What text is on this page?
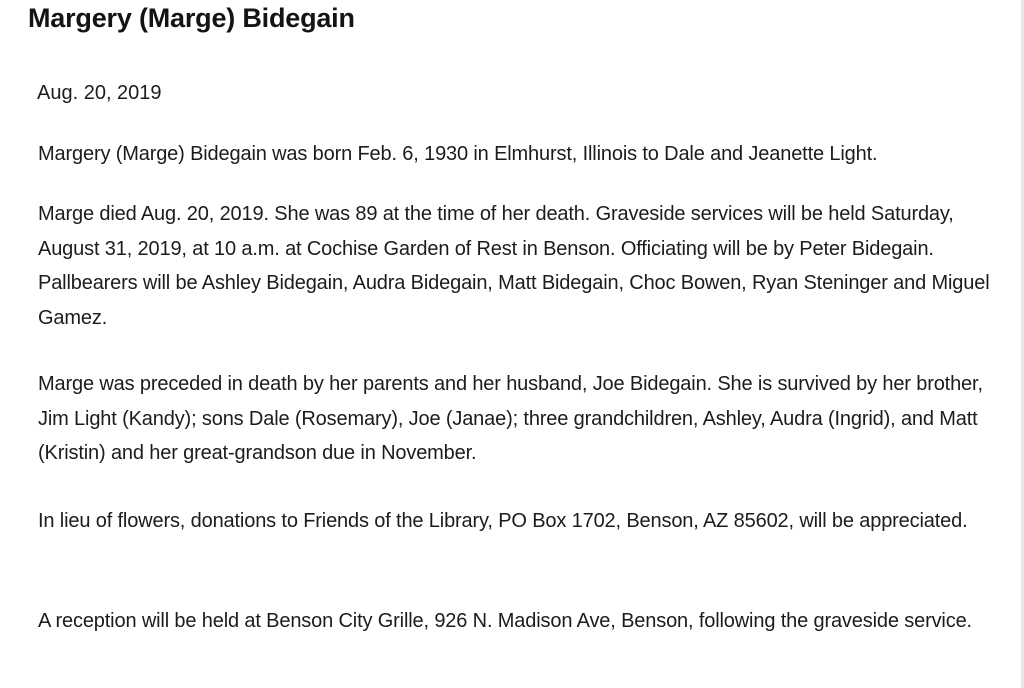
Margery (Marge) Bidegain

Aug. 20, 2019

Margery (Marge) Bidegain was born Feb. 6, 1930 in Elmhurst, Illinois to Dale and Jeanette Light.

Marge died Aug. 20, 2019. She was 89 at the time of her death. Graveside services will be held Saturday, August 31, 2019, at 10 a.m. at Cochise Garden of Rest in Benson. Officiating will be by Peter Bidegain. Pallbearers will be Ashley Bidegain, Audra Bidegain, Matt Bidegain, Choc Bowen, Ryan Steninger and Miguel Gamez.

Marge was preceded in death by her parents and her husband, Joe Bidegain. She is survived by her brother, Jim Light (Kandy); sons Dale (Rosemary), Joe (Janae); three grandchildren, Ashley, Audra (Ingrid), and Matt (Kristin) and her great-grandson due in November.

In lieu of flowers, donations to Friends of the Library, PO Box 1702, Benson, AZ 85602, will be appreciated.

A reception will be held at Benson City Grille, 926 N. Madison Ave, Benson, following the graveside service.
